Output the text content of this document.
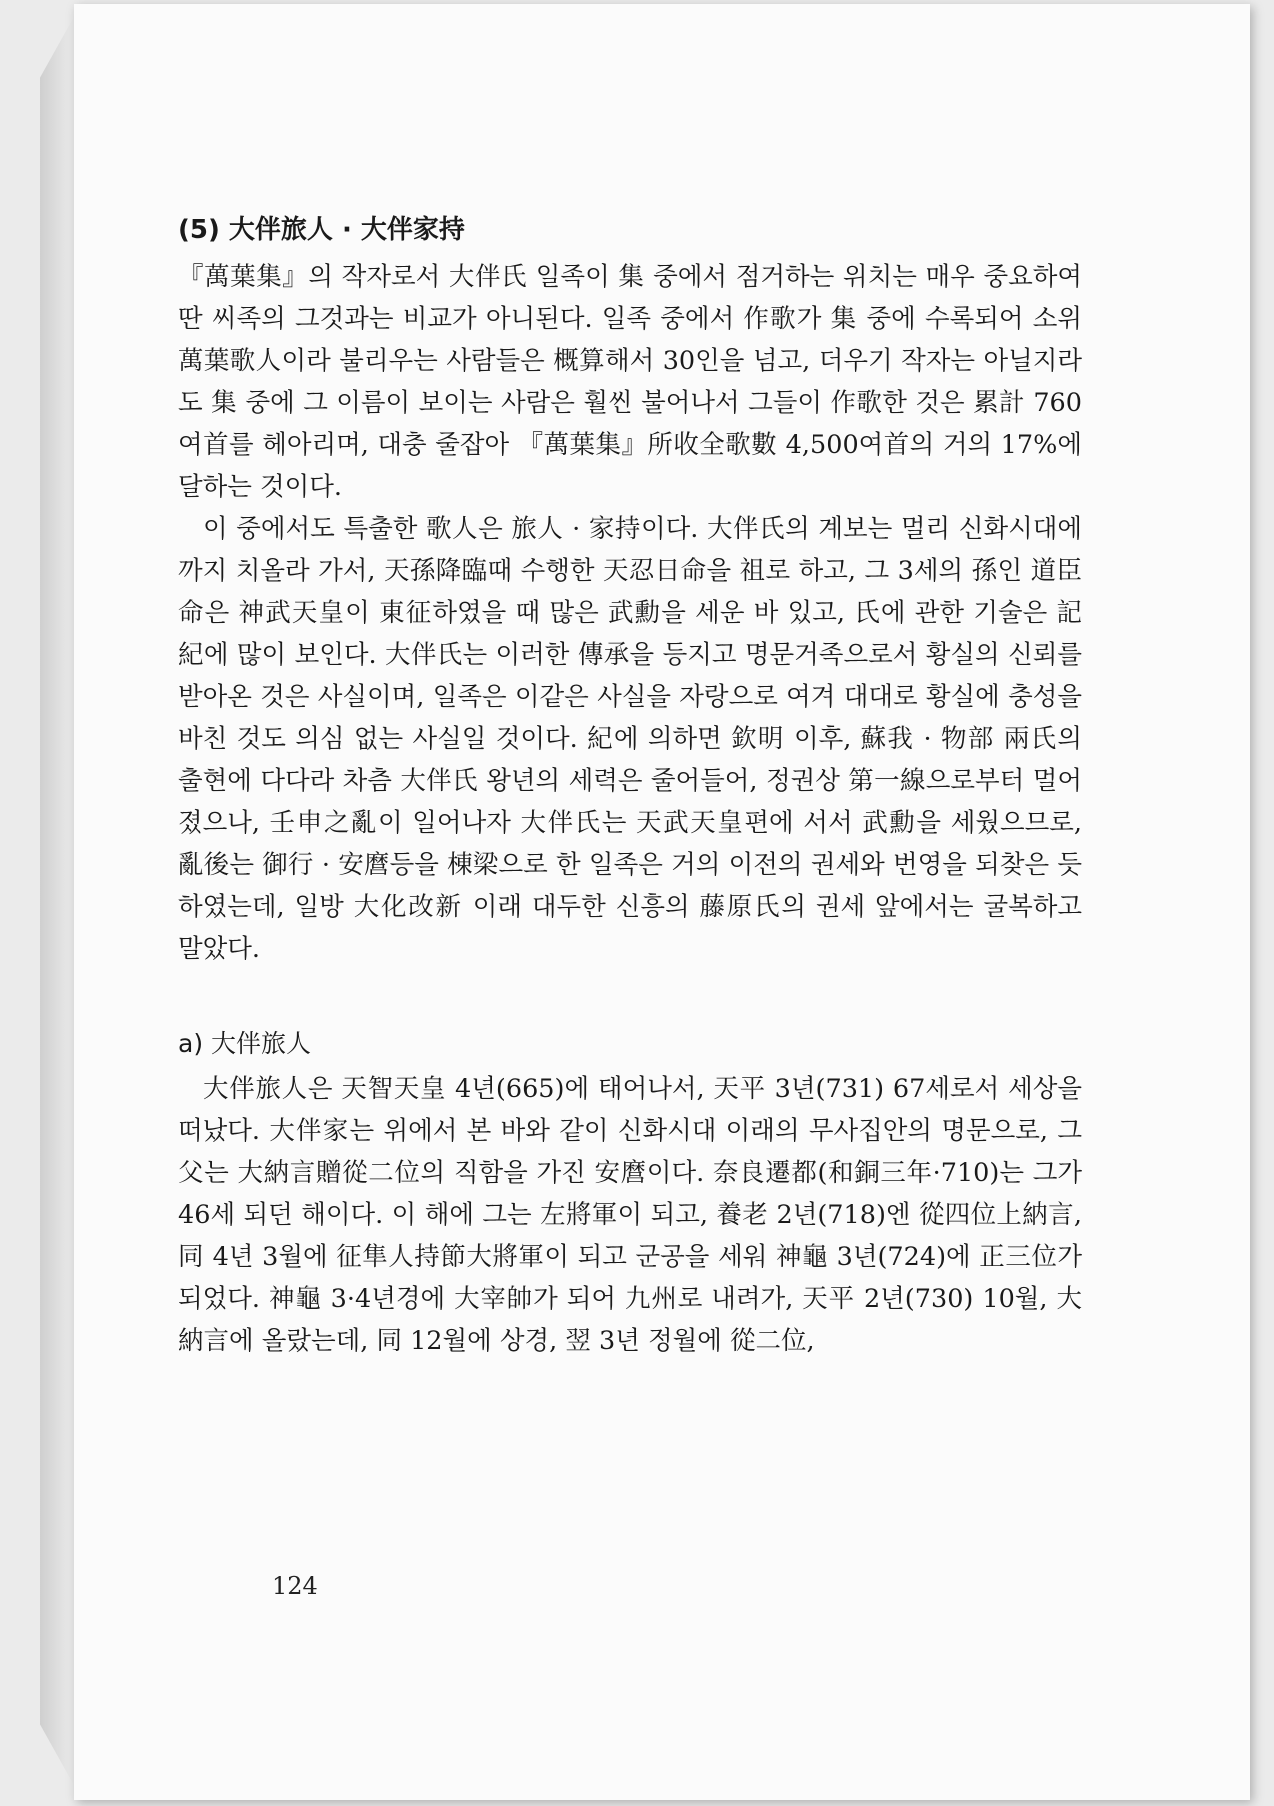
(5) 大伴旅人 · 大伴家持

『萬葉集』의 작자로서 大伴氏 일족이 集 중에서 점거하는 위치는 매우 중요하여 딴 씨족의 그것과는 비교가 아니된다. 일족 중에서 作歌가 集 중에 수록되어 소위 萬葉歌人이라 불리우는 사람들은 概算해서 30인을 넘고, 더우기 작자는 아닐지라도 集 중에 그 이름이 보이는 사람은 훨씬 불어나서 그들이 作歌한 것은 累計 760여首를 헤아리며, 대충 줄잡아 『萬葉集』所收全歌數 4,500여首의 거의 17%에 달하는 것이다.

이 중에서도 특출한 歌人은 旅人 · 家持이다. 大伴氏의 계보는 멀리 신화시대에까지 치올라 가서, 天孫降臨때 수행한 天忍日命을 祖로 하고, 그 3세의 孫인 道臣命은 神武天皇이 東征하였을 때 많은 武勳을 세운 바 있고, 氏에 관한 기술은 記紀에 많이 보인다. 大伴氏는 이러한 傳承을 등지고 명문거족으로서 황실의 신뢰를 받아온 것은 사실이며, 일족은 이같은 사실을 자랑으로 여겨 대대로 황실에 충성을 바친 것도 의심 없는 사실일 것이다. 紀에 의하면 欽明 이후, 蘇我 · 物部 兩氏의 출현에 다다라 차츰 大伴氏 왕년의 세력은 줄어들어, 정권상 第一線으로부터 멀어졌으나, 壬申之亂이 일어나자 大伴氏는 天武天皇편에 서서 武勳을 세웠으므로, 亂後는 御行 · 安麿등을 棟梁으로 한 일족은 거의 이전의 권세와 번영을 되찾은 듯 하였는데, 일방 大化改新 이래 대두한 신흥의 藤原氏의 권세 앞에서는 굴복하고 말았다.

a) 大伴旅人

大伴旅人은 天智天皇 4년(665)에 태어나서, 天平 3년(731) 67세로서 세상을 떠났다. 大伴家는 위에서 본 바와 같이 신화시대 이래의 무사집안의 명문으로, 그 父는 大納言贈從二位의 직함을 가진 安麿이다. 奈良遷都(和銅三年·710)는 그가 46세 되던 해이다. 이 해에 그는 左將軍이 되고, 養老 2년(718)엔 從四位上納言, 同 4년 3월에 征隼人持節大將軍이 되고 군공을 세워 神龜 3년(724)에 正三位가 되었다. 神龜 3·4년경에 大宰帥가 되어 九州로 내려가, 天平 2년(730) 10월, 大納言에 올랐는데, 同 12월에 상경, 翌 3년 정월에 從二位,

124
